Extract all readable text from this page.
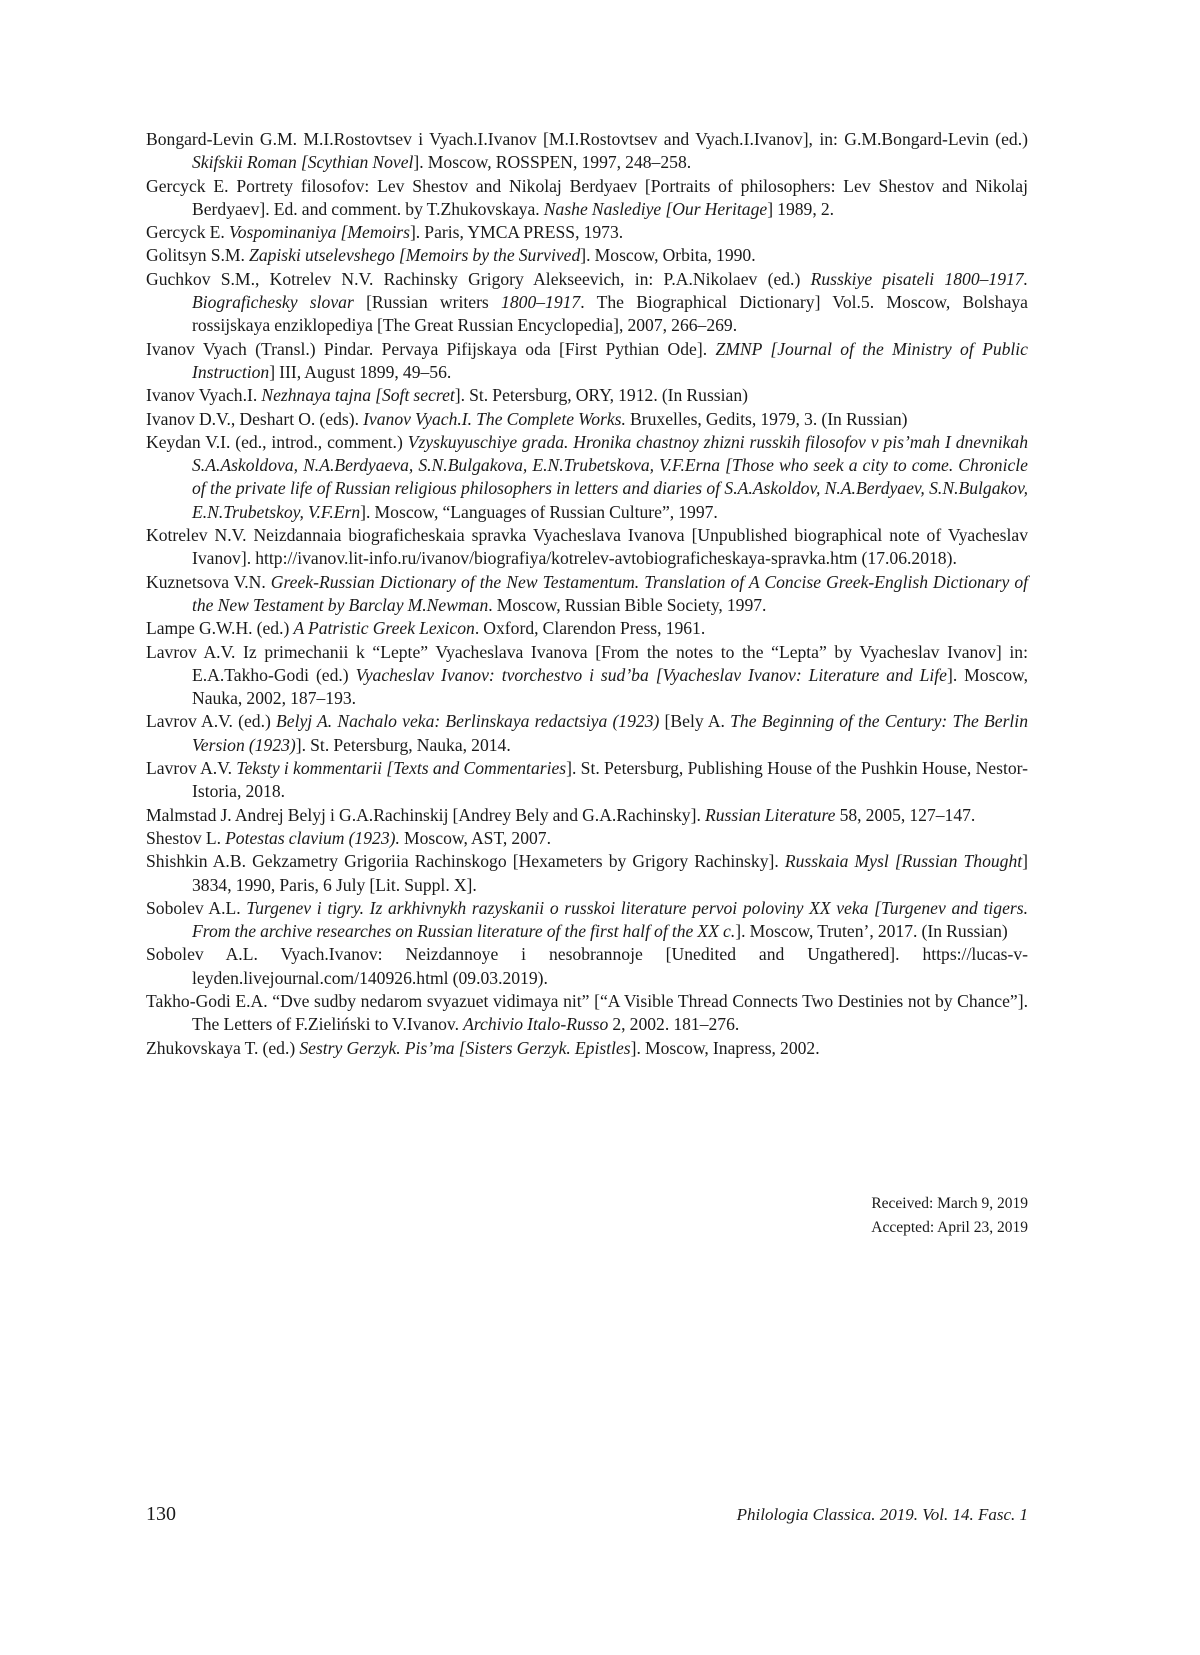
Bongard-Levin G.M. M.I.Rostovtsev i Vyach.I.Ivanov [M.I.Rostovtsev and Vyach.I.Ivanov], in: G.M.Bongard-Levin (ed.) Skifskii Roman [Scythian Novel]. Moscow, ROSSPEN, 1997, 248–258.

Gercyck E. Portrety filosofov: Lev Shestov and Nikolaj Berdyaev [Portraits of philosophers: Lev Shestov and Nikolaj Berdyaev]. Ed. and comment. by T.Zhukovskaya. Nashe Naslediye [Our Heritage] 1989, 2.

Gercyck E. Vospominaniya [Memoirs]. Paris, YMCA PRESS, 1973.

Golitsyn S.M. Zapiski utselevshego [Memoirs by the Survived]. Moscow, Orbita, 1990.

Guchkov S.M., Kotrelev N.V. Rachinsky Grigory Alekseevich, in: P.A.Nikolaev (ed.) Russkiye pisateli 1800–1917. Biografichesky slovar [Russian writers 1800–1917. The Biographical Dictionary] Vol.5. Moscow, Bolshaya rossijskaya enziklopediya [The Great Russian Encyclopedia], 2007, 266–269.

Ivanov Vyach (Transl.) Pindar. Pervaya Pifijskaya oda [First Pythian Ode]. ZMNP [Journal of the Ministry of Public Instruction] III, August 1899, 49–56.

Ivanov Vyach.I. Nezhnaya tajna [Soft secret]. St. Petersburg, ORY, 1912. (In Russian)

Ivanov D.V., Deshart O. (eds). Ivanov Vyach.I. The Complete Works. Bruxelles, Gedits, 1979, 3. (In Russian)

Keydan V.I. (ed., introd., comment.) Vzyskuyuschiye grada. Hronika chastnoy zhizni russkih filosofov v pis’mah I dnevnikah S.A.Askoldova, N.A.Berdyaeva, S.N.Bulgakova, E.N.Trubetskova, V.F.Erna [Those who seek a city to come. Chronicle of the private life of Russian religious philosophers in letters and diaries of S.A.Askoldov, N.A.Berdyaev, S.N.Bulgakov, E.N.Trubetskoy, V.F.Ern]. Moscow, “Languages of Russian Culture”, 1997.

Kotrelev N.V. Neizdannaia biograficheskaia spravka Vyacheslava Ivanova [Unpublished biographical note of Vyacheslav Ivanov]. http://ivanov.lit-info.ru/ivanov/biografiya/kotrelev-avtobiograficheskaya-spravka.htm (17.06.2018).

Kuznetsova V.N. Greek-Russian Dictionary of the New Testamentum. Translation of A Concise Greek-English Dictionary of the New Testament by Barclay M.Newman. Moscow, Russian Bible Society, 1997.

Lampe G.W.H. (ed.) A Patristic Greek Lexicon. Oxford, Clarendon Press, 1961.

Lavrov A.V. Iz primechanii k “Lepte” Vyacheslava Ivanova [From the notes to the “Lepta” by Vyacheslav Ivanov] in: E.A.Takho-Godi (ed.) Vyacheslav Ivanov: tvorchestvo i sud’ba [Vyacheslav Ivanov: Literature and Life]. Moscow, Nauka, 2002, 187–193.

Lavrov A.V. (ed.) Belyj A. Nachalo veka: Berlinskaya redactsiya (1923) [Bely A. The Beginning of the Century: The Berlin Version (1923)]. St. Petersburg, Nauka, 2014.

Lavrov A.V. Teksty i kommentarii [Texts and Commentaries]. St. Petersburg, Publishing House of the Pushkin House, Nestor-Istoria, 2018.

Malmstad J. Andrej Belyj i G.A.Rachinskij [Andrey Bely and G.A.Rachinsky]. Russian Literature 58, 2005, 127–147.

Shestov L. Potestas clavium (1923). Moscow, AST, 2007.

Shishkin A.B. Gekzametry Grigoriia Rachinskogo [Hexameters by Grigory Rachinsky]. Russkaia Mysl [Russian Thought] 3834, 1990, Paris, 6 July [Lit. Suppl. X].

Sobolev A.L. Turgenev i tigry. Iz arkhivnykh razyskanii o russkoi literature pervoi poloviny XX veka [Turgenev and tigers. From the archive researches on Russian literature of the first half of the XX c.]. Moscow, Truten’, 2017. (In Russian)

Sobolev A.L. Vyach.Ivanov: Neizdannoye i nesobrannoje [Unedited and Ungathered]. https://lucas-v-leyden.livejournal.com/140926.html (09.03.2019).

Takho-Godi E.A. “Dve sudby nedarom svyazuet vidimaya nit” [“A Visible Thread Connects Two Destinies not by Chance”]. The Letters of F.Zieliński to V.Ivanov. Archivio Italo-Russo 2, 2002. 181–276.

Zhukovskaya T. (ed.) Sestry Gerzyk. Pis’ma [Sisters Gerzyk. Epistles]. Moscow, Inapress, 2002.

Received: March 9, 2019
Accepted: April 23, 2019
130	Philologia Classica. 2019. Vol. 14. Fasc. 1
